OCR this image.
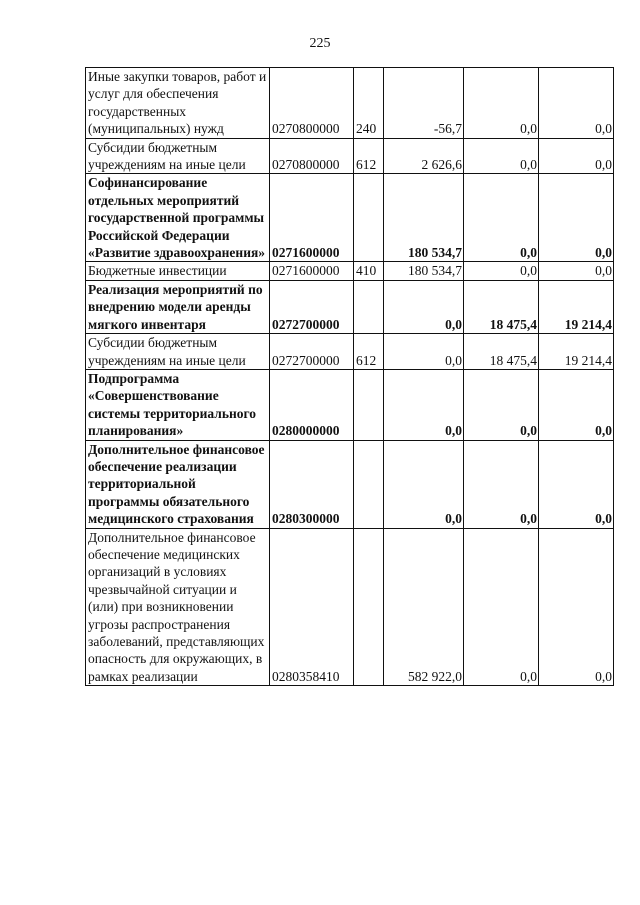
225
Иные закупки товаров, работ и услуг для обеспечения государственных (муниципальных) нужд	0270800000	240	-56,7	0,0	0,0
Субсидии бюджетным учреждениям на иные цели	0270800000	612	2 626,6	0,0	0,0
Софинансирование отдельных мероприятий государственной программы Российской Федерации «Развитие здравоохранения»	0271600000		180 534,7	0,0	0,0
Бюджетные инвестиции	0271600000	410	180 534,7	0,0	0,0
Реализация мероприятий по внедрению модели аренды мягкого инвентаря	0272700000		0,0	18 475,4	19 214,4
Субсидии бюджетным учреждениям на иные цели	0272700000	612	0,0	18 475,4	19 214,4
Подпрограмма «Совершенствование системы территориального планирования»	0280000000		0,0	0,0	0,0
Дополнительное финансовое обеспечение реализации территориальной программы обязательного медицинского страхования	0280300000		0,0	0,0	0,0
Дополнительное финансовое обеспечение медицинских организаций в условиях чрезвычайной ситуации и (или) при возникновении угрозы распространения заболеваний, представляющих опасность для окружающих, в рамках реализации	0280358410		582 922,0	0,0	0,0
